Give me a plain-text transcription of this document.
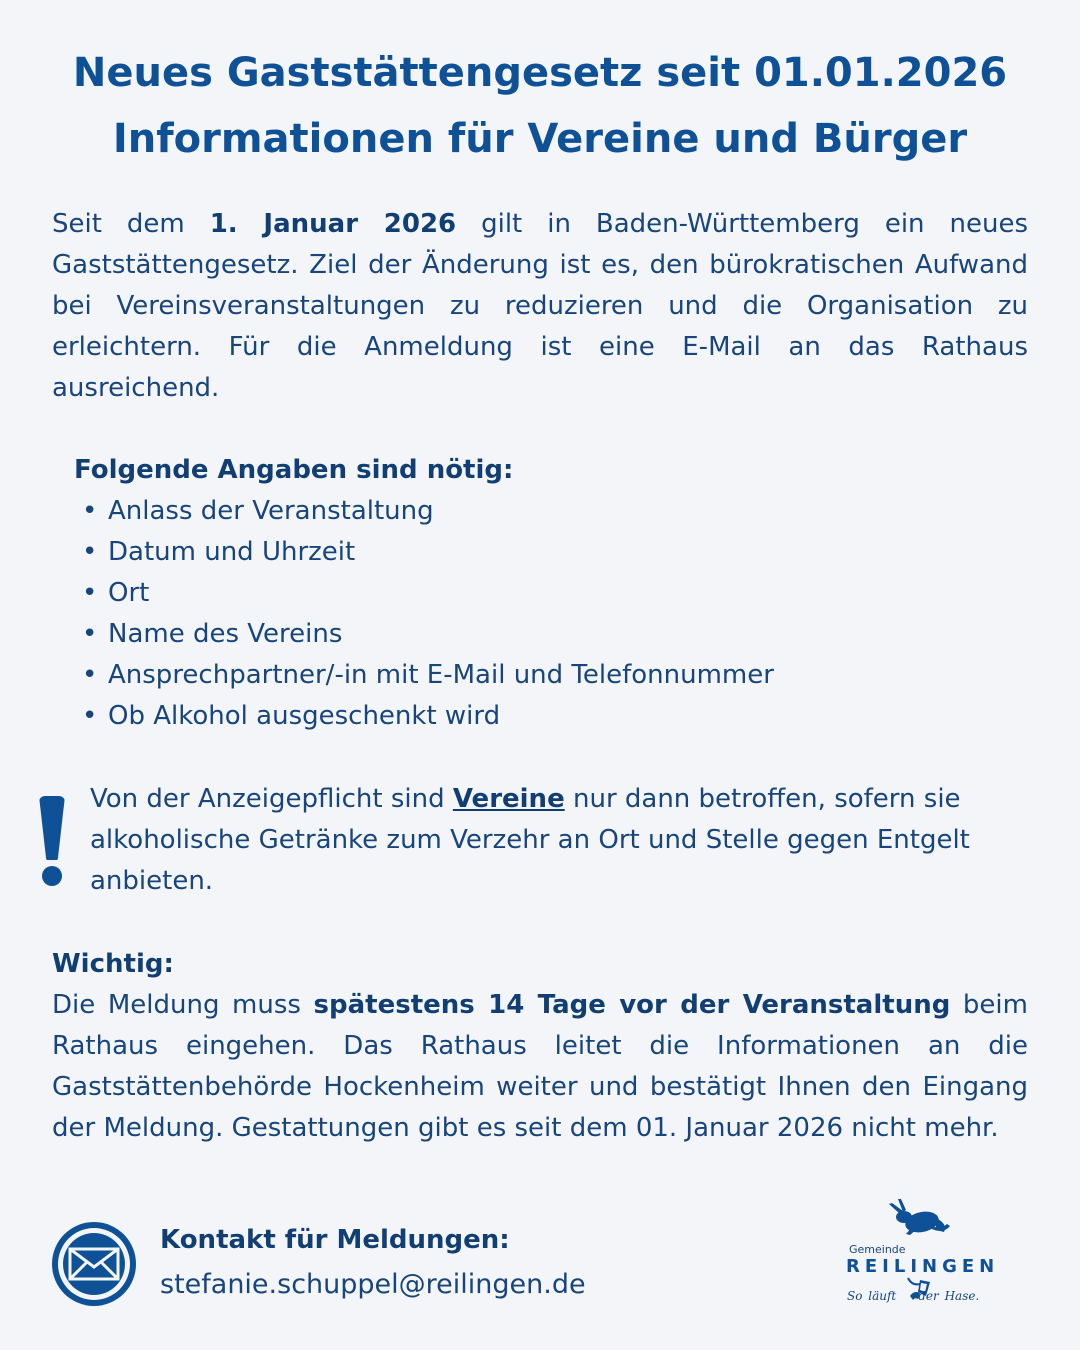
Neues Gaststättengesetz seit 01.01.2026
Informationen für Vereine und Bürger
Seit dem 1. Januar 2026 gilt in Baden-Württemberg ein neues Gaststättengesetz. Ziel der Änderung ist es, den bürokratischen Aufwand bei Vereinsveranstaltungen zu reduzieren und die Organisation zu erleichtern. Für die Anmeldung ist eine E-Mail an das Rathaus ausreichend.
Folgende Angaben sind nötig:
• Anlass der Veranstaltung
• Datum und Uhrzeit
• Ort
• Name des Vereins
• Ansprechpartner/-in mit E-Mail und Telefonnummer
• Ob Alkohol ausgeschenkt wird
Von der Anzeigepflicht sind Vereine nur dann betroffen, sofern sie alkoholische Getränke zum Verzehr an Ort und Stelle gegen Entgelt anbieten.
Wichtig:
Die Meldung muss spätestens 14 Tage vor der Veranstaltung beim Rathaus eingehen. Das Rathaus leitet die Informationen an die Gaststättenbehörde Hockenheim weiter und bestätigt Ihnen den Eingang der Meldung. Gestattungen gibt es seit dem 01. Januar 2026 nicht mehr.
Kontakt für Meldungen:
stefanie.schuppel@reilingen.de
Gemeinde
REILINGEN
So läuft der Hase.
